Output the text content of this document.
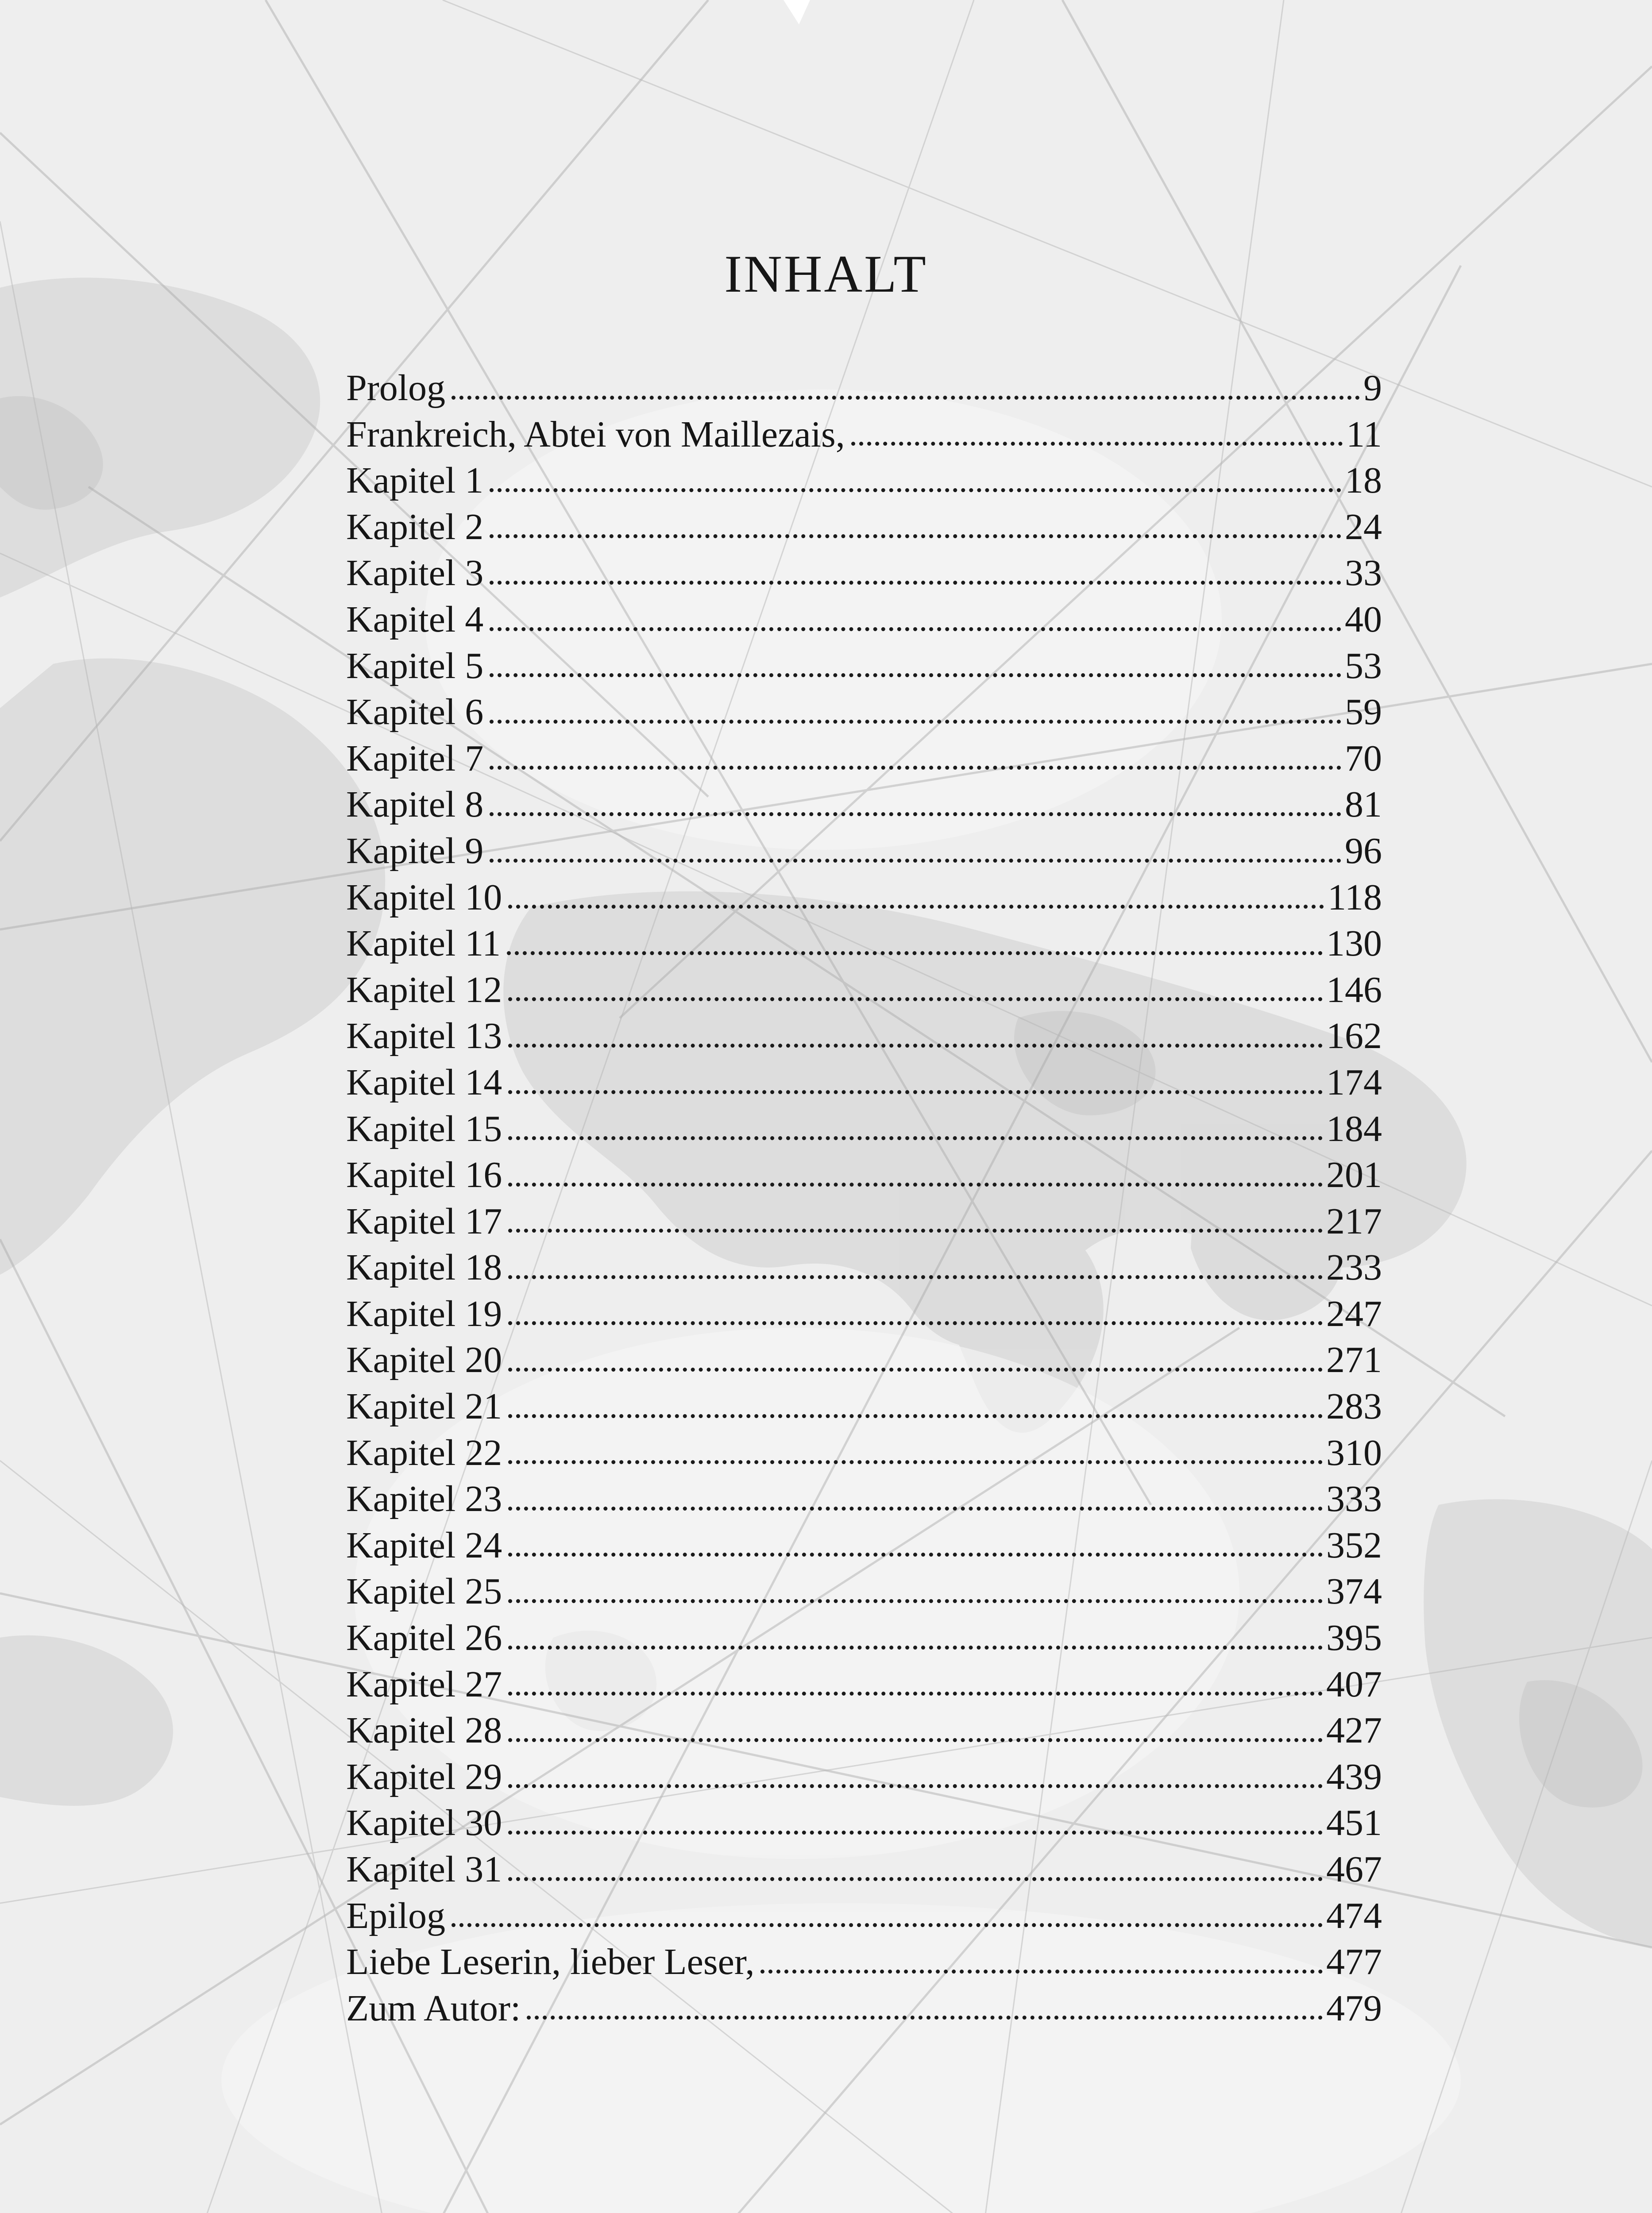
INHALT
Prolog	9
Frankreich, Abtei von Maillezais,	11
Kapitel 1	18
Kapitel 2	24
Kapitel 3	33
Kapitel 4	40
Kapitel 5	53
Kapitel 6	59
Kapitel 7	70
Kapitel 8	81
Kapitel 9	96
Kapitel 10	118
Kapitel 11	130
Kapitel 12	146
Kapitel 13	162
Kapitel 14	174
Kapitel 15	184
Kapitel 16	201
Kapitel 17	217
Kapitel 18	233
Kapitel 19	247
Kapitel 20	271
Kapitel 21	283
Kapitel 22	310
Kapitel 23	333
Kapitel 24	352
Kapitel 25	374
Kapitel 26	395
Kapitel 27	407
Kapitel 28	427
Kapitel 29	439
Kapitel 30	451
Kapitel 31	467
Epilog	474
Liebe Leserin, lieber Leser,	477
Zum Autor:	479
